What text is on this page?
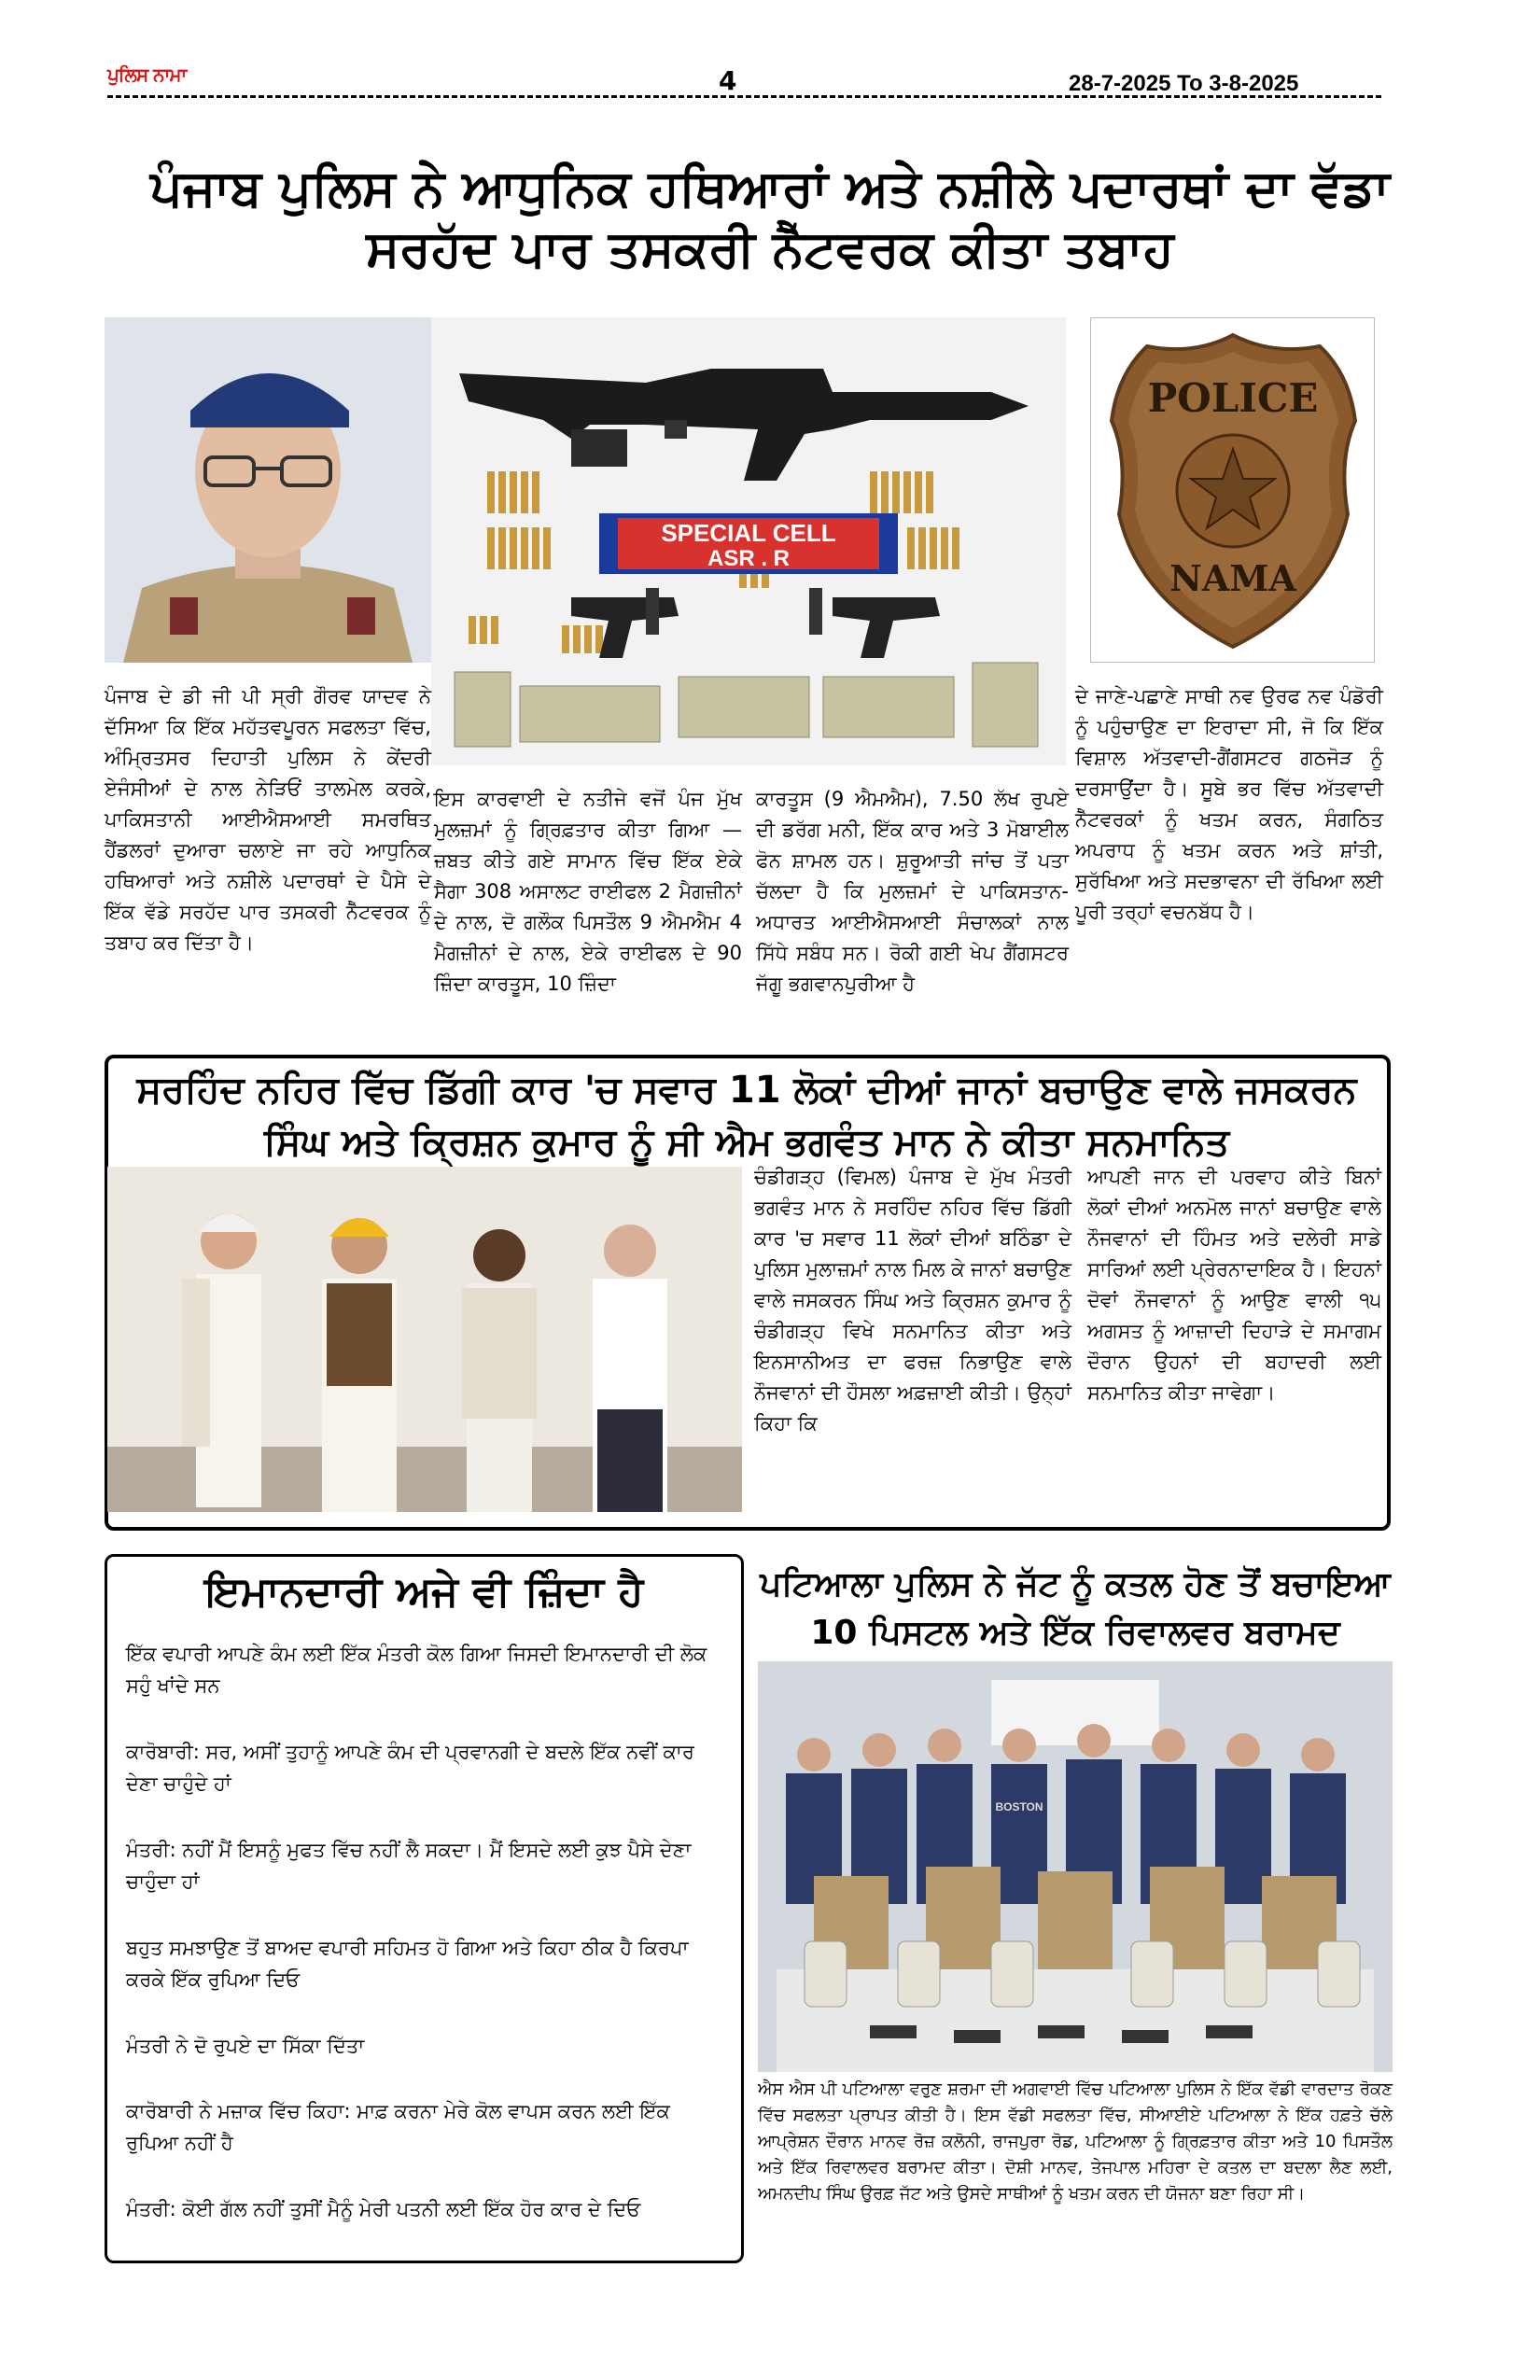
ਪੁਲਿਸ ਨਾਮਾ	4	28-7-2025 To 3-8-2025
ਪੰਜਾਬ ਪੁਲਿਸ ਨੇ ਆਧੁਨਿਕ ਹਥਿਆਰਾਂ ਅਤੇ ਨਸ਼ੀਲੇ ਪਦਾਰਥਾਂ ਦਾ ਵੱਡਾ ਸਰਹੱਦ ਪਾਰ ਤਸਕਰੀ ਨੈੱਟਵਰਕ ਕੀਤਾ ਤਬਾਹ
SPECIAL CELL
ASR . R
POLICE
NAMA
ਪੰਜਾਬ ਦੇ ਡੀ ਜੀ ਪੀ ਸ੍ਰੀ ਗੌਰਵ ਯਾਦਵ ਨੇ ਦੱਸਿਆ ਕਿ ਇੱਕ ਮਹੱਤਵਪੂਰਨ ਸਫਲਤਾ ਵਿੱਚ, ਅੰਮ੍ਰਿਤਸਰ ਦਿਹਾਤੀ ਪੁਲਿਸ ਨੇ ਕੇਂਦਰੀ ਏਜੰਸੀਆਂ ਦੇ ਨਾਲ ਨੇੜਿਓਂ ਤਾਲਮੇਲ ਕਰਕੇ, ਪਾਕਿਸਤਾਨੀ ਆਈਐਸਆਈ ਸਮਰਥਿਤ ਹੈਂਡਲਰਾਂ ਦੁਆਰਾ ਚਲਾਏ ਜਾ ਰਹੇ ਆਧੁਨਿਕ ਹਥਿਆਰਾਂ ਅਤੇ ਨਸ਼ੀਲੇ ਪਦਾਰਥਾਂ ਦੇ ਪੈਸੇ ਦੇ ਇੱਕ ਵੱਡੇ ਸਰਹੱਦ ਪਾਰ ਤਸਕਰੀ ਨੈੱਟਵਰਕ ਨੂੰ ਤਬਾਹ ਕਰ ਦਿੱਤਾ ਹੈ।
ਇਸ ਕਾਰਵਾਈ ਦੇ ਨਤੀਜੇ ਵਜੋਂ ਪੰਜ ਮੁੱਖ ਮੁਲਜ਼ਮਾਂ ਨੂੰ ਗ੍ਰਿਫ਼ਤਾਰ ਕੀਤਾ ਗਿਆ — ਜ਼ਬਤ ਕੀਤੇ ਗਏ ਸਾਮਾਨ ਵਿੱਚ ਇੱਕ ਏਕੇ ਸੈਗਾ 308 ਅਸਾਲਟ ਰਾਈਫਲ 2 ਮੈਗਜ਼ੀਨਾਂ ਦੇ ਨਾਲ, ਦੋ ਗਲੌਕ ਪਿਸਤੌਲ 9 ਐਮਐਮ 4 ਮੈਗਜ਼ੀਨਾਂ ਦੇ ਨਾਲ, ਏਕੇ ਰਾਈਫਲ ਦੇ 90 ਜ਼ਿੰਦਾ ਕਾਰਤੂਸ, 10 ਜ਼ਿੰਦਾ
ਕਾਰਤੂਸ (9 ਐਮਐਮ), 7.50 ਲੱਖ ਰੁਪਏ ਦੀ ਡਰੱਗ ਮਨੀ, ਇੱਕ ਕਾਰ ਅਤੇ 3 ਮੋਬਾਈਲ ਫੋਨ ਸ਼ਾਮਲ ਹਨ। ਸ਼ੁਰੂਆਤੀ ਜਾਂਚ ਤੋਂ ਪਤਾ ਚੱਲਦਾ ਹੈ ਕਿ ਮੁਲਜ਼ਮਾਂ ਦੇ ਪਾਕਿਸਤਾਨ-ਅਧਾਰਤ ਆਈਐਸਆਈ ਸੰਚਾਲਕਾਂ ਨਾਲ ਸਿੱਧੇ ਸਬੰਧ ਸਨ। ਰੋਕੀ ਗਈ ਖੇਪ ਗੈਂਗਸਟਰ ਜੱਗੂ ਭਗਵਾਨਪੁਰੀਆ ਹੈ
ਦੇ ਜਾਣੇ-ਪਛਾਣੇ ਸਾਥੀ ਨਵ ਉਰਫ ਨਵ ਪੰਡੋਰੀ ਨੂੰ ਪਹੁੰਚਾਉਣ ਦਾ ਇਰਾਦਾ ਸੀ, ਜੋ ਕਿ ਇੱਕ ਵਿਸ਼ਾਲ ਅੱਤਵਾਦੀ-ਗੈਂਗਸਟਰ ਗਠਜੋੜ ਨੂੰ ਦਰਸਾਉਂਦਾ ਹੈ। ਸੂਬੇ ਭਰ ਵਿੱਚ ਅੱਤਵਾਦੀ ਨੈੱਟਵਰਕਾਂ ਨੂੰ ਖਤਮ ਕਰਨ, ਸੰਗਠਿਤ ਅਪਰਾਧ ਨੂੰ ਖਤਮ ਕਰਨ ਅਤੇ ਸ਼ਾਂਤੀ, ਸੁਰੱਖਿਆ ਅਤੇ ਸਦਭਾਵਨਾ ਦੀ ਰੱਖਿਆ ਲਈ ਪੂਰੀ ਤਰ੍ਹਾਂ ਵਚਨਬੱਧ ਹੈ।
ਸਰਹਿੰਦ ਨਹਿਰ ਵਿੱਚ ਡਿੱਗੀ ਕਾਰ 'ਚ ਸਵਾਰ 11 ਲੋਕਾਂ ਦੀਆਂ ਜਾਨਾਂ ਬਚਾਉਣ ਵਾਲੇ ਜਸਕਰਨ ਸਿੰਘ ਅਤੇ ਕ੍ਰਿਸ਼ਨ ਕੁਮਾਰ ਨੂੰ ਸੀ ਐਮ ਭਗਵੰਤ ਮਾਨ ਨੇ ਕੀਤਾ ਸਨਮਾਨਿਤ
ਚੰਡੀਗੜ੍ਹ (ਵਿਮਲ) ਪੰਜਾਬ ਦੇ ਮੁੱਖ ਮੰਤਰੀ ਭਗਵੰਤ ਮਾਨ ਨੇ ਸਰਹਿੰਦ ਨਹਿਰ ਵਿੱਚ ਡਿੱਗੀ ਕਾਰ 'ਚ ਸਵਾਰ 11 ਲੋਕਾਂ ਦੀਆਂ ਬਠਿੰਡਾ ਦੇ ਪੁਲਿਸ ਮੁਲਾਜ਼ਮਾਂ ਨਾਲ ਮਿਲ ਕੇ ਜਾਨਾਂ ਬਚਾਉਣ ਵਾਲੇ ਜਸਕਰਨ ਸਿੰਘ ਅਤੇ ਕ੍ਰਿਸ਼ਨ ਕੁਮਾਰ ਨੂੰ ਚੰਡੀਗੜ੍ਹ ਵਿਖੇ ਸਨਮਾਨਿਤ ਕੀਤਾ ਅਤੇ ਇਨਸਾਨੀਅਤ ਦਾ ਫਰਜ਼ ਨਿਭਾਉਣ ਵਾਲੇ ਨੌਜਵਾਨਾਂ ਦੀ ਹੌਸਲਾ ਅਫ਼ਜ਼ਾਈ ਕੀਤੀ। ਉਨ੍ਹਾਂ ਕਿਹਾ ਕਿ
ਆਪਣੀ ਜਾਨ ਦੀ ਪਰਵਾਹ ਕੀਤੇ ਬਿਨਾਂ ਲੋਕਾਂ ਦੀਆਂ ਅਨਮੋਲ ਜਾਨਾਂ ਬਚਾਉਣ ਵਾਲੇ ਨੌਜਵਾਨਾਂ ਦੀ ਹਿੰਮਤ ਅਤੇ ਦਲੇਰੀ ਸਾਡੇ ਸਾਰਿਆਂ ਲਈ ਪ੍ਰੇਰਨਾਦਾਇਕ ਹੈ। ਇਹਨਾਂ ਦੋਵਾਂ ਨੌਜਵਾਨਾਂ ਨੂੰ ਆਉਣ ਵਾਲੀ ੧੫ ਅਗਸਤ ਨੂੰ ਆਜ਼ਾਦੀ ਦਿਹਾੜੇ ਦੇ ਸਮਾਗਮ ਦੌਰਾਨ ਉਹਨਾਂ ਦੀ ਬਹਾਦਰੀ ਲਈ ਸਨਮਾਨਿਤ ਕੀਤਾ ਜਾਵੇਗਾ।
ਇਮਾਨਦਾਰੀ ਅਜੇ ਵੀ ਜ਼ਿੰਦਾ ਹੈ
ਇੱਕ ਵਪਾਰੀ ਆਪਣੇ ਕੰਮ ਲਈ ਇੱਕ ਮੰਤਰੀ ਕੋਲ ਗਿਆ ਜਿਸਦੀ ਇਮਾਨਦਾਰੀ ਦੀ ਲੋਕ ਸਹੁੰ ਖਾਂਦੇ ਸਨ
ਕਾਰੋਬਾਰੀ: ਸਰ, ਅਸੀਂ ਤੁਹਾਨੂੰ ਆਪਣੇ ਕੰਮ ਦੀ ਪ੍ਰਵਾਨਗੀ ਦੇ ਬਦਲੇ ਇੱਕ ਨਵੀਂ ਕਾਰ ਦੇਣਾ ਚਾਹੁੰਦੇ ਹਾਂ
ਮੰਤਰੀ: ਨਹੀਂ ਮੈਂ ਇਸਨੂੰ ਮੁਫਤ ਵਿੱਚ ਨਹੀਂ ਲੈ ਸਕਦਾ। ਮੈਂ ਇਸਦੇ ਲਈ ਕੁਝ ਪੈਸੇ ਦੇਣਾ ਚਾਹੁੰਦਾ ਹਾਂ
ਬਹੁਤ ਸਮਝਾਉਣ ਤੋਂ ਬਾਅਦ ਵਪਾਰੀ ਸਹਿਮਤ ਹੋ ਗਿਆ ਅਤੇ ਕਿਹਾ ਠੀਕ ਹੈ ਕਿਰਪਾ ਕਰਕੇ ਇੱਕ ਰੁਪਿਆ ਦਿਓ
ਮੰਤਰੀ ਨੇ ਦੋ ਰੁਪਏ ਦਾ ਸਿੱਕਾ ਦਿੱਤਾ
ਕਾਰੋਬਾਰੀ ਨੇ ਮਜ਼ਾਕ ਵਿੱਚ ਕਿਹਾ: ਮਾਫ਼ ਕਰਨਾ ਮੇਰੇ ਕੋਲ ਵਾਪਸ ਕਰਨ ਲਈ ਇੱਕ ਰੁਪਿਆ ਨਹੀਂ ਹੈ
ਮੰਤਰੀ: ਕੋਈ ਗੱਲ ਨਹੀਂ ਤੁਸੀਂ ਮੈਨੂੰ ਮੇਰੀ ਪਤਨੀ ਲਈ ਇੱਕ ਹੋਰ ਕਾਰ ਦੇ ਦਿਓ
ਪਟਿਆਲਾ ਪੁਲਿਸ ਨੇ ਜੱਟ ਨੂੰ ਕਤਲ ਹੋਣ ਤੋਂ ਬਚਾਇਆ 10 ਪਿਸਟਲ ਅਤੇ ਇੱਕ ਰਿਵਾਲਵਰ ਬਰਾਮਦ
BOSTON
ਐਸ ਐਸ ਪੀ ਪਟਿਆਲਾ ਵਰੁਣ ਸ਼ਰਮਾ ਦੀ ਅਗਵਾਈ ਵਿੱਚ ਪਟਿਆਲਾ ਪੁਲਿਸ ਨੇ ਇੱਕ ਵੱਡੀ ਵਾਰਦਾਤ ਰੋਕਣ ਵਿੱਚ ਸਫਲਤਾ ਪ੍ਰਾਪਤ ਕੀਤੀ ਹੈ। ਇਸ ਵੱਡੀ ਸਫਲਤਾ ਵਿੱਚ, ਸੀਆਈਏ ਪਟਿਆਲਾ ਨੇ ਇੱਕ ਹਫ਼ਤੇ ਚੱਲੇ ਆਪ੍ਰੇਸ਼ਨ ਦੌਰਾਨ ਮਾਨਵ ਰੋਜ਼ ਕਲੋਨੀ, ਰਾਜਪੁਰਾ ਰੋਡ, ਪਟਿਆਲਾ ਨੂੰ ਗ੍ਰਿਫ਼ਤਾਰ ਕੀਤਾ ਅਤੇ 10 ਪਿਸਤੌਲ ਅਤੇ ਇੱਕ ਰਿਵਾਲਵਰ ਬਰਾਮਦ ਕੀਤਾ। ਦੋਸ਼ੀ ਮਾਨਵ, ਤੇਜਪਾਲ ਮਹਿਰਾ ਦੇ ਕਤਲ ਦਾ ਬਦਲਾ ਲੈਣ ਲਈ, ਅਮਨਦੀਪ ਸਿੰਘ ਉਰਫ਼ ਜੱਟ ਅਤੇ ਉਸਦੇ ਸਾਥੀਆਂ ਨੂੰ ਖਤਮ ਕਰਨ ਦੀ ਯੋਜਨਾ ਬਣਾ ਰਿਹਾ ਸੀ।
